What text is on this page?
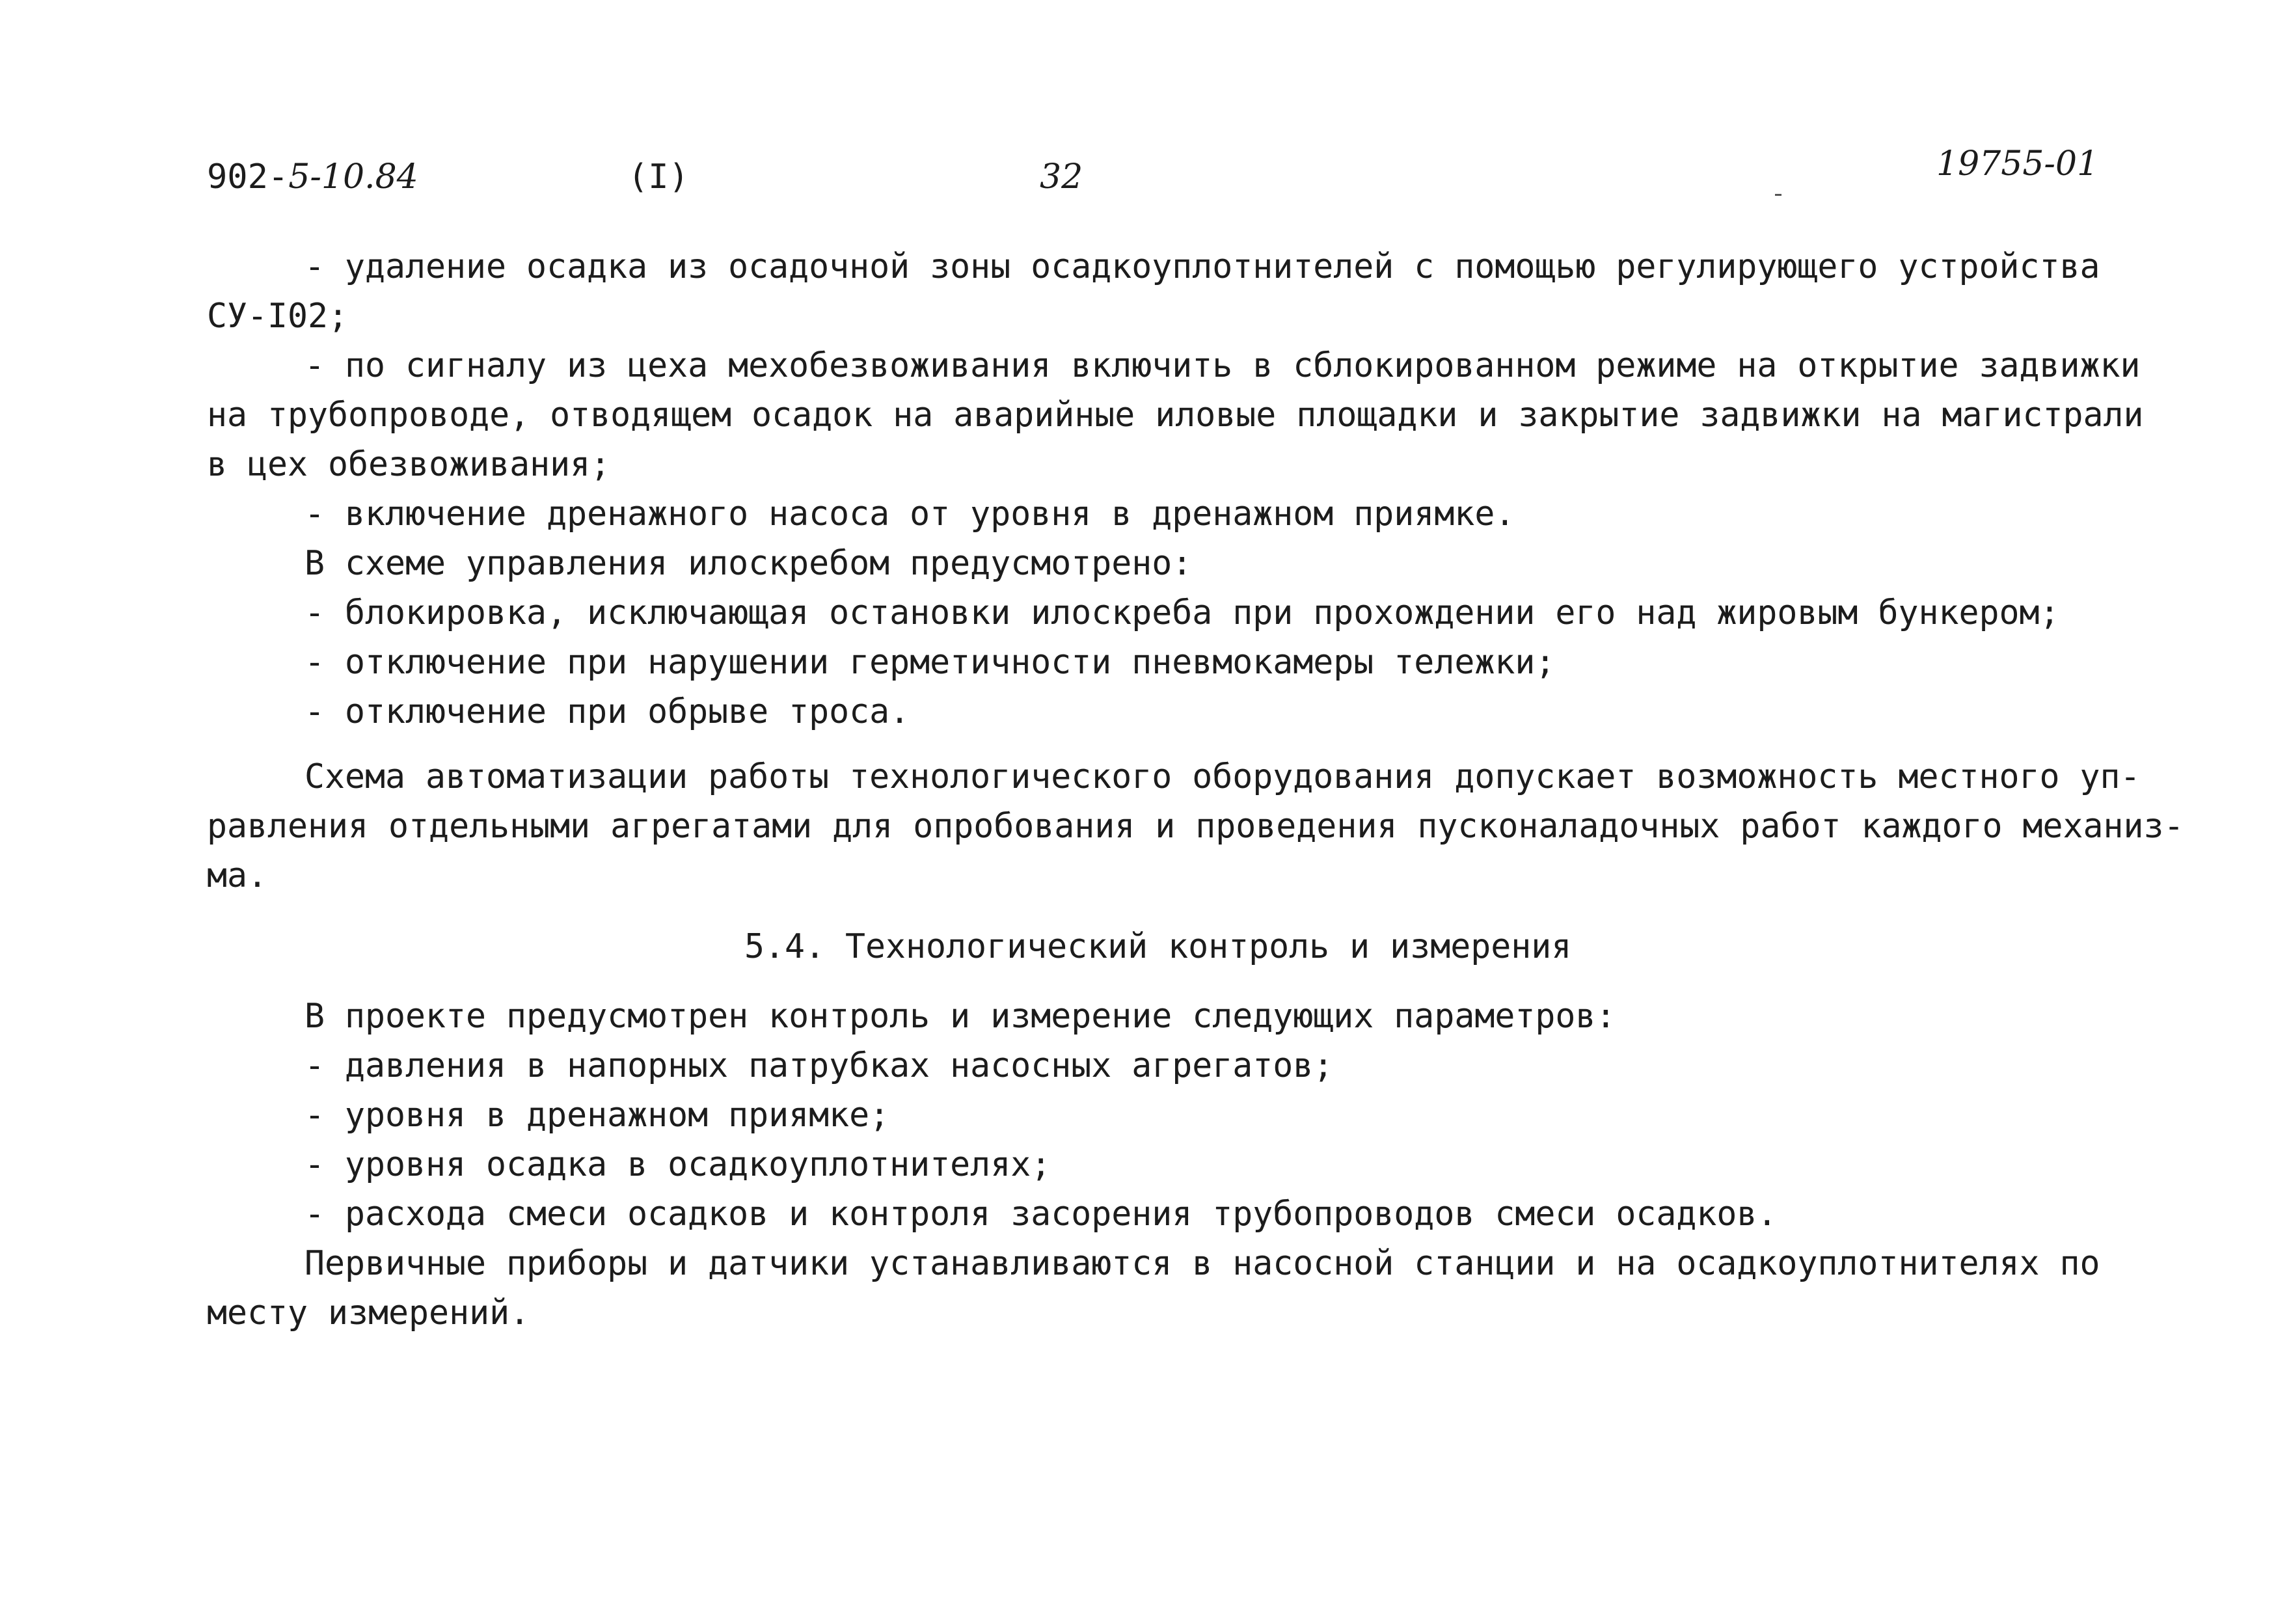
902-5-10.84	(I)	32	19755-01
- удаление осадка из осадочной зоны осадкоуплотнителей с помощью регулирующего устройства
СУ-I02;
- по сигналу из цеха мехобезвоживания включить в сблокированном режиме на открытие задвижки
на трубопроводе, отводящем осадок на аварийные иловые площадки и закрытие задвижки на магистрали
в цех обезвоживания;
- включение дренажного насоса от уровня в дренажном приямке.
В схеме управления илоскребом предусмотрено:
- блокировка, исключающая остановки илоскреба при прохождении его над жировым бункером;
- отключение при нарушении герметичности пневмокамеры тележки;
- отключение при обрыве троса.
Схема автоматизации работы технологического оборудования допускает возможность местного уп-
равления отдельными агрегатами для опробования и проведения пусконаладочных работ каждого механиз-
ма.
5.4. Технологический контроль и измерения
В проекте предусмотрен контроль и измерение следующих параметров:
- давления в напорных патрубках насосных агрегатов;
- уровня в дренажном приямке;
- уровня осадка в осадкоуплотнителях;
- расхода смеси осадков и контроля засорения трубопроводов смеси осадков.
Первичные приборы и датчики устанавливаются в насосной станции и на осадкоуплотнителях по
месту измерений.
